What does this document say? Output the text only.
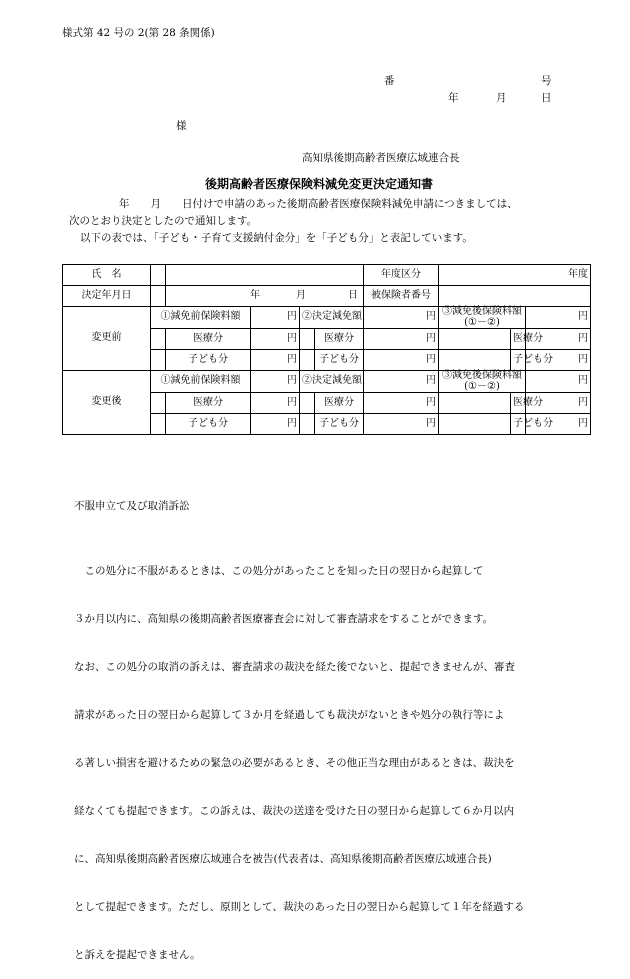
様式第 42 号の 2(第 28 条関係)
番	号
年	月	日
様
高知県後期高齢者医療広域連合長
後期高齢者医療保険料減免変更決定通知書
年　　月　　日付けで申請のあった後期高齢者医療保険料減免申請につきましては、
次のとおり決定としたので通知します。
以下の表では、「子ども・子育て支援納付金分」を「子ども分」と表記しています。
氏　名						年度区分	年度		
決定年月日		年 月 日				被保険者番号			
変更前	①減免前保険料額		円	②決定減免額		円	③減免後保険料額
(①－②)		円
		医療分	円		医療分	円		医療分	円
		子ども分	円		子ども分	円		子ども分	円
変更後	①減免前保険料額		円	②決定減免額		円	③減免後保険料額
(①－②)		円
		医療分	円		医療分	円		医療分	円
		子ども分	円		子ども分	円		子ども分	円
不服申立て及び取消訴訟

　この処分に不服があるときは、この処分があったことを知った日の翌日から起算して

３か月以内に、高知県の後期高齢者医療審査会に対して審査請求をすることができます。

なお、この処分の取消の訴えは、審査請求の裁決を経た後でないと、提起できませんが、審査

請求があった日の翌日から起算して３か月を経過しても裁決がないときや処分の執行等によ

る著しい損害を避けるための緊急の必要があるとき、その他正当な理由があるときは、裁決を

経なくても提起できます。この訴えは、裁決の送達を受けた日の翌日から起算して６か月以内

に、高知県後期高齢者医療広域連合を被告(代表者は、高知県後期高齢者医療広域連合長)

として提起できます。ただし、原則として、裁決のあった日の翌日から起算して１年を経過する

と訴えを提起できません。
